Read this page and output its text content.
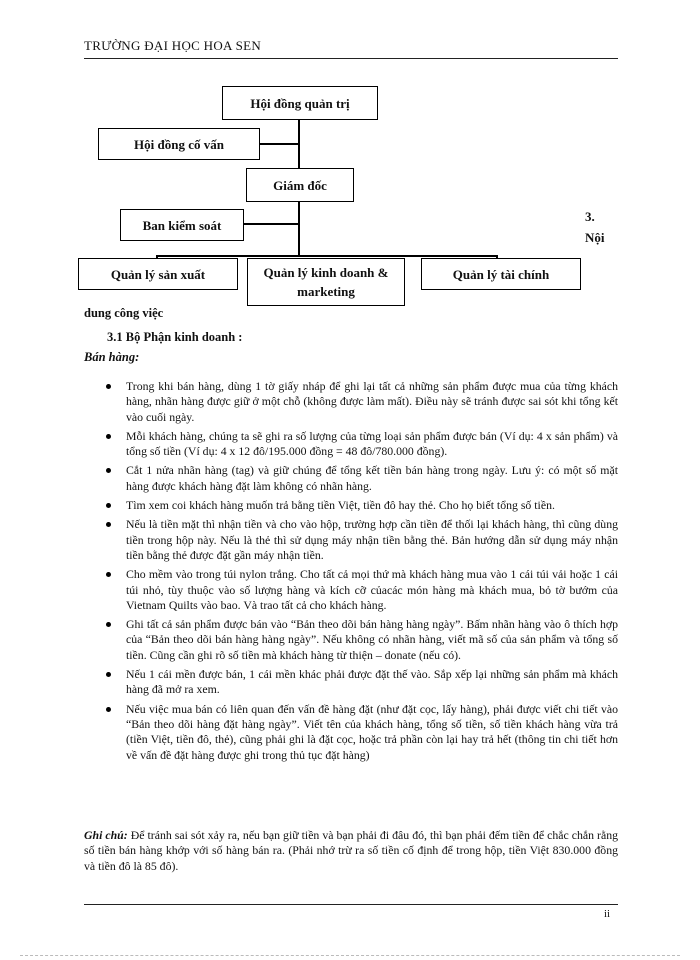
TRƯỜNG ĐẠI HỌC HOA SEN
Hội đồng quản trị
Hội đồng cố vấn
Giám đốc
Ban kiểm soát
Quản lý sản xuất	Quản lý kinh doanh & marketing
Quản lý tài chính
3.
Nội
dung công việc
3.1 Bộ Phận kinh doanh :
Bán hàng:
Trong khi bán hàng, dùng 1 tờ giấy nháp để ghi lại tất cả những sản phẩm được mua của từng khách hàng, nhãn hàng được giữ ở một chỗ (không được làm mất). Điều này sẽ tránh được sai sót khi tổng kết vào cuối ngày.
Mỗi khách hàng, chúng ta sẽ ghi ra số lượng của từng loại sản phẩm được bán (Ví dụ: 4 x sản phẩm) và tổng số tiền (Ví dụ: 4 x 12 đô/195.000 đồng = 48 đô/780.000 đồng).
Cắt 1 nửa nhãn hàng (tag) và giữ chúng để tổng kết tiền bán hàng trong ngày. Lưu ý: có một số mặt hàng được khách hàng đặt làm không có nhãn hàng.
Tìm xem coi khách hàng muốn trả bằng tiền Việt, tiền đô hay thẻ. Cho họ biết tổng số tiền.
Nếu là tiền mặt thì nhận tiền và cho vào hộp, trường hợp cần tiền để thối lại khách hàng, thì cũng dùng tiền trong hộp này. Nếu là thẻ thì sử dụng máy nhận tiền bằng thẻ. Bản hướng dẫn sử dụng máy nhận tiền bằng thẻ được đặt gần máy nhận tiền.
Cho mềm vào trong túi nylon trắng. Cho tất cả mọi thứ mà khách hàng mua vào 1 cái túi vải hoặc 1 cái túi nhỏ, tùy thuộc vào số lượng hàng và kích cỡ củacác món hàng mà khách mua, bỏ tờ bướm của Vietnam Quilts vào bao. Và trao tất cả cho khách hàng.
Ghi tất cả sản phẩm được bán vào “Bản theo dõi bán hàng hàng ngày”. Bấm nhãn hàng vào ô thích hợp của “Bản theo dõi bán hàng hàng ngày”. Nếu không có nhãn hàng, viết mã số của sản phẩm và tổng số tiền. Cũng cần ghi rõ số tiền mà khách hàng từ thiện – donate (nếu có).
Nếu 1 cái mền được bán, 1 cái mền khác phải được đặt thế vào. Sắp xếp lại những sản phẩm mà khách hàng đã mở ra xem.
Nếu việc mua bán có liên quan đến vấn đề hàng đặt (như đặt cọc, lấy hàng), phải được viết chi tiết vào “Bản theo dõi hàng đặt hàng ngày”. Viết tên của khách hàng, tổng số tiền, số tiền khách hàng vừa trả (tiền Việt, tiền đô, thẻ), cũng phải ghi là đặt cọc, hoặc trả phần còn lại hay trả hết (thông tin chi tiết hơn về vấn đề đặt hàng được ghi trong thủ tục đặt hàng)
Ghi chú: Để tránh sai sót xảy ra, nếu bạn giữ tiền và bạn phải đi đâu đó, thì bạn phải đếm tiền để chắc chắn rằng số tiền bán hàng khớp với số hàng bán ra. (Phải nhớ trừ ra số tiền cố định để trong hộp, tiền Việt 830.000 đồng và tiền đô là 85 đô).
ii
